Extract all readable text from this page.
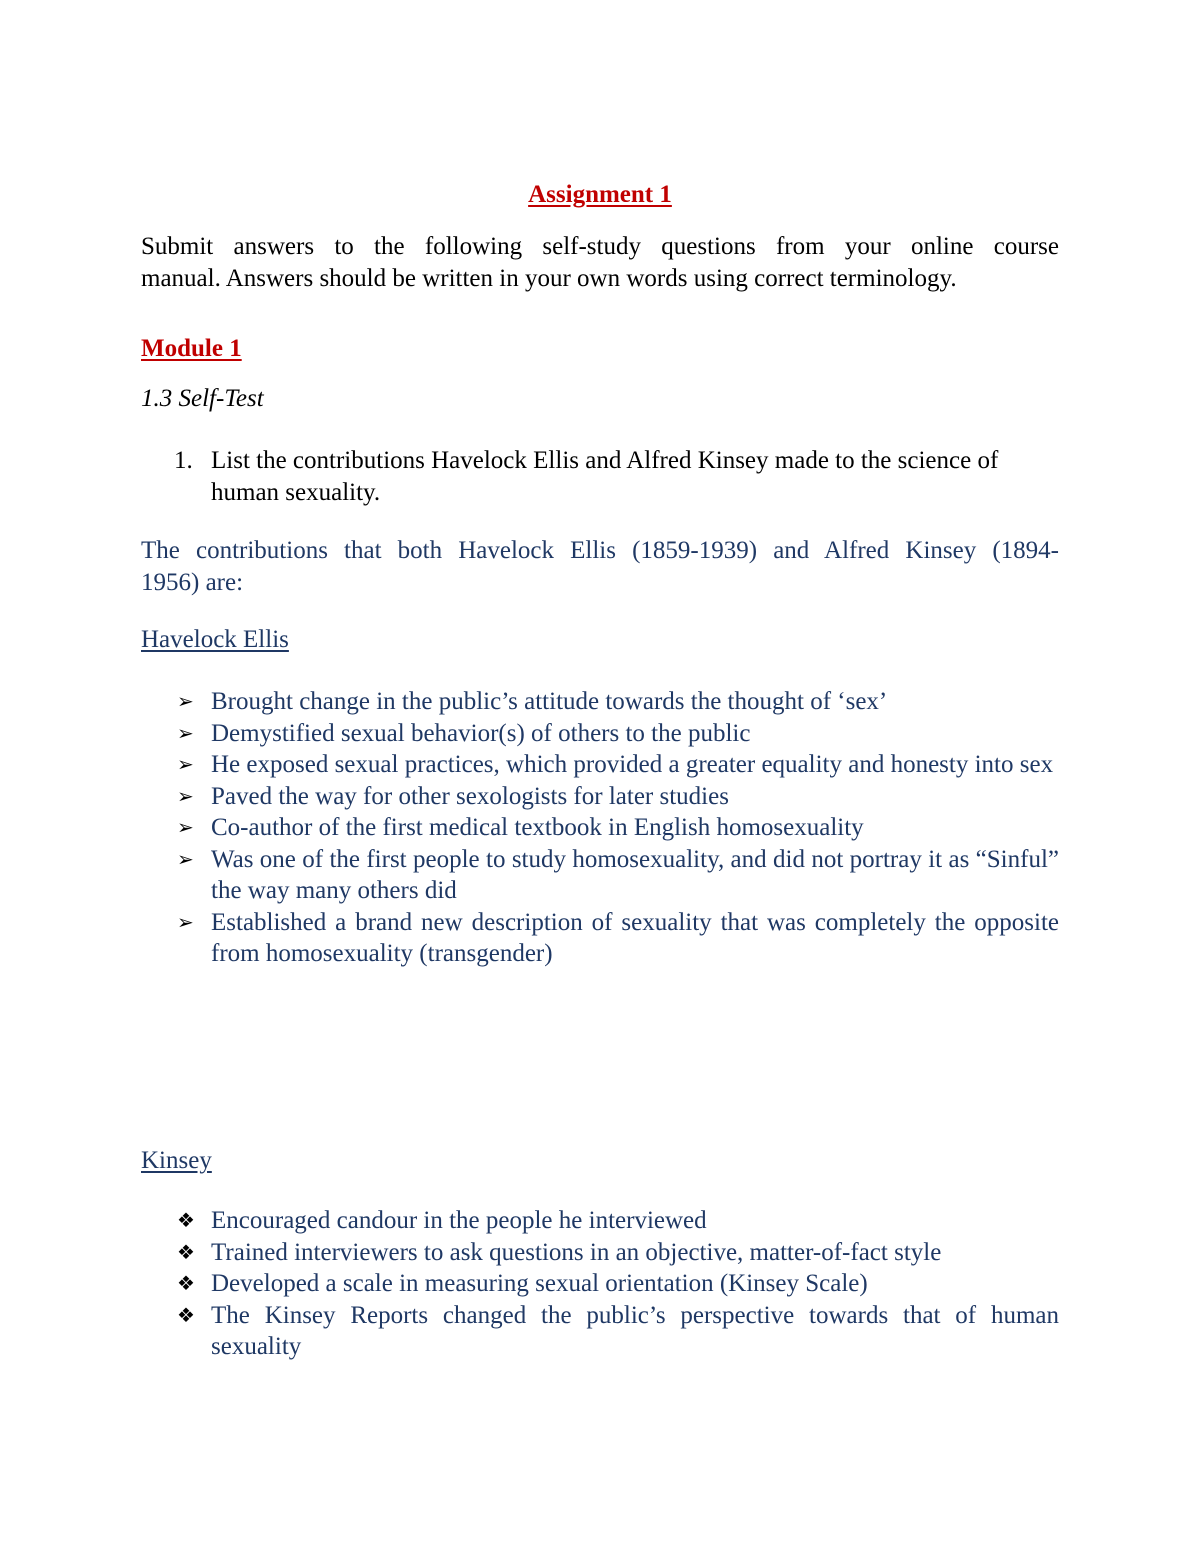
Assignment 1
Submit answers to the following self-study questions from your online course
manual. Answers should be written in your own words using correct terminology.
Module 1
1.3 Self-Test
1. List the contributions Havelock Ellis and Alfred Kinsey made to the science of human sexuality.
The contributions that both Havelock Ellis (1859-1939) and Alfred Kinsey (1894-
1956) are:
Havelock Ellis
➢ Brought change in the public’s attitude towards the thought of ‘sex’
➢ Demystified sexual behavior(s) of others to the public
➢ He exposed sexual practices, which provided a greater equality and honesty into sex
➢ Paved the way for other sexologists for later studies
➢ Co-author of the first medical textbook in English homosexuality
➢ Was one of the first people to study homosexuality, and did not portray it as “Sinful” the way many others did
➢ Established a brand new description of sexuality that was completely the opposite from homosexuality (transgender)
Kinsey
❖ Encouraged candour in the people he interviewed
❖ Trained interviewers to ask questions in an objective, matter-of-fact style
❖ Developed a scale in measuring sexual orientation (Kinsey Scale)
❖ The Kinsey Reports changed the public’s perspective towards that of human sexuality
